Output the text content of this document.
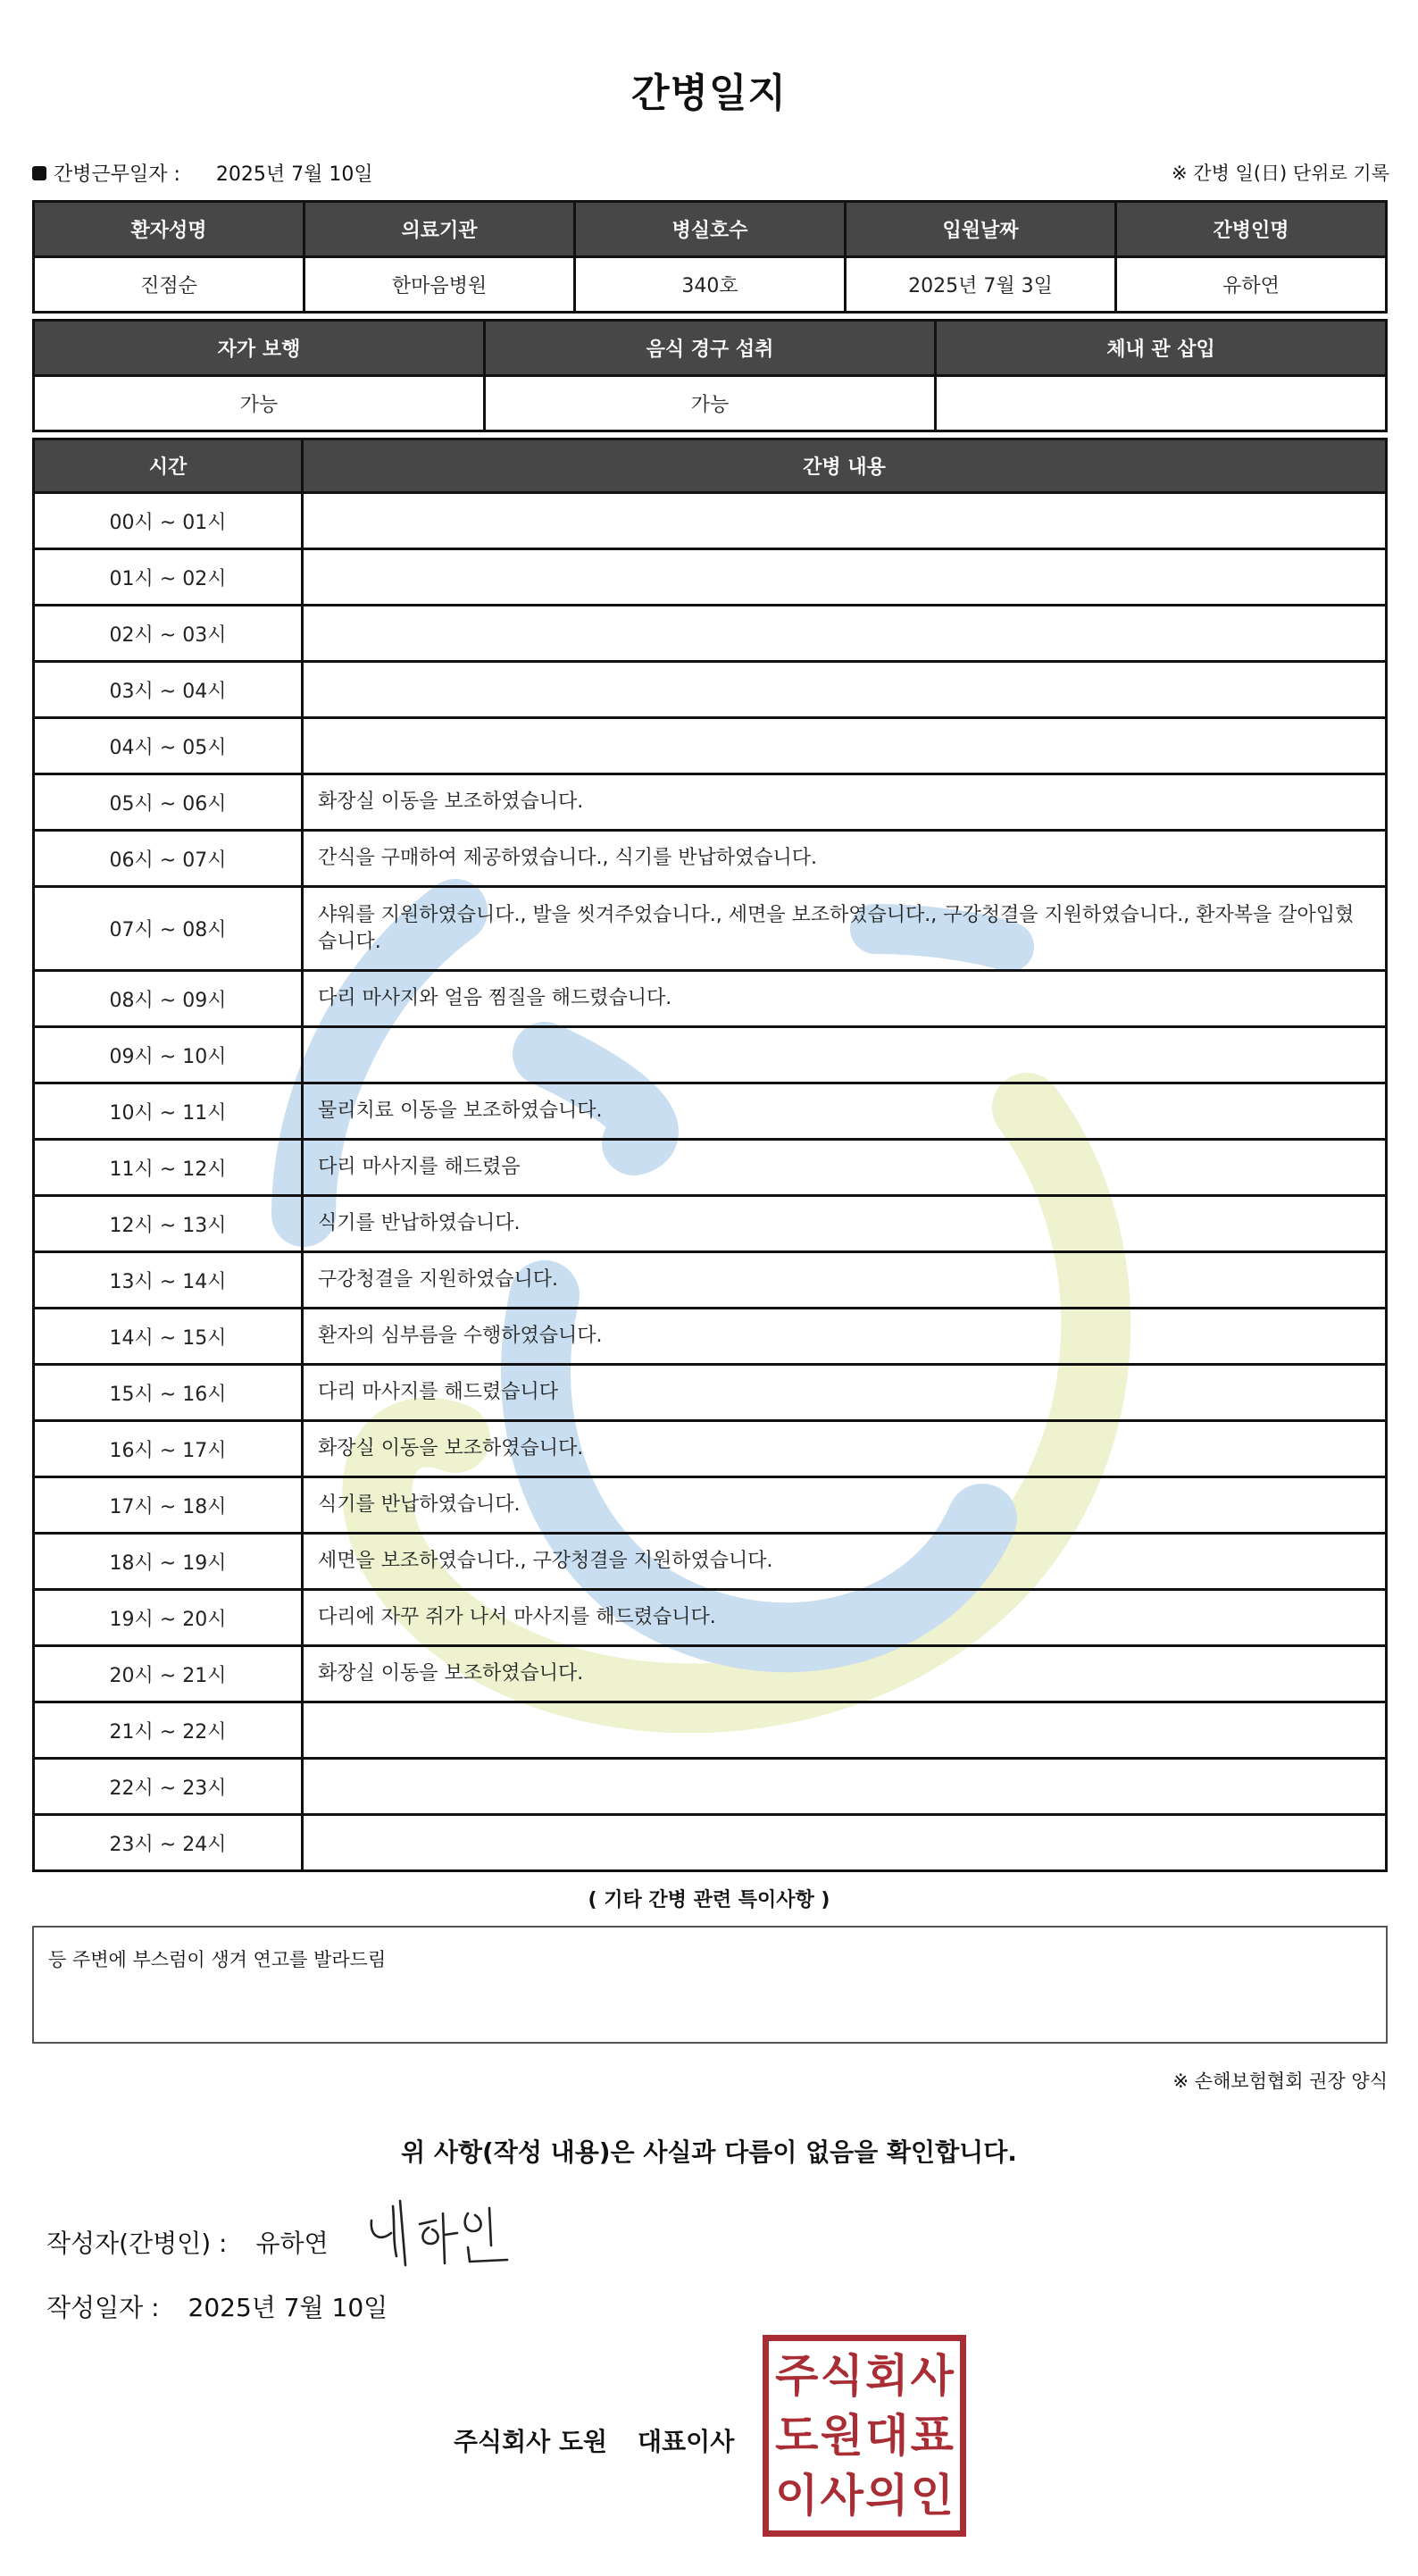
간병일지
간병근무일자 : 2025년 7월 10일	※ 간병 일(日) 단위로 기록
환자성명	의료기관	병실호수	입원날짜	간병인명
진점순	한마음병원	340호	2025년 7월 3일	유하연
자가 보행	음식 경구 섭취	체내 관 삽입
가능	가능	
시간	간병 내용
00시 ~ 01시	
01시 ~ 02시	
02시 ~ 03시	
03시 ~ 04시	
04시 ~ 05시	
05시 ~ 06시	화장실 이동을 보조하였습니다.
06시 ~ 07시	간식을 구매하여 제공하였습니다., 식기를 반납하였습니다.
07시 ~ 08시	샤워를 지원하였습니다., 발을 씻겨주었습니다., 세면을 보조하였습니다., 구강청결을 지원하였습니다., 환자복을 갈아입혔습니다.
08시 ~ 09시	다리 마사지와 얼음 찜질을 해드렸습니다.
09시 ~ 10시	
10시 ~ 11시	물리치료 이동을 보조하였습니다.
11시 ~ 12시	다리 마사지를 해드렸음
12시 ~ 13시	식기를 반납하였습니다.
13시 ~ 14시	구강청결을 지원하였습니다.
14시 ~ 15시	환자의 심부름을 수행하였습니다.
15시 ~ 16시	다리 마사지를 해드렸습니다
16시 ~ 17시	화장실 이동을 보조하였습니다.
17시 ~ 18시	식기를 반납하였습니다.
18시 ~ 19시	세면을 보조하였습니다., 구강청결을 지원하였습니다.
19시 ~ 20시	다리에 자꾸 쥐가 나서 마사지를 해드렸습니다.
20시 ~ 21시	화장실 이동을 보조하였습니다.
21시 ~ 22시	
22시 ~ 23시	
23시 ~ 24시	
( 기타 간병 관련 특이사항 )
등 주변에 부스럼이 생겨 연고를 발라드림
※ 손해보험협회 권장 양식
위 사항(작성 내용)은 사실과 다름이 없음을 확인합니다.
작성자(간병인) : 유하연
작성일자 : 2025년 7월 10일
주식회사 도원 대표이사
주 식 회 사
도 원 대 표
이 사 의 인
